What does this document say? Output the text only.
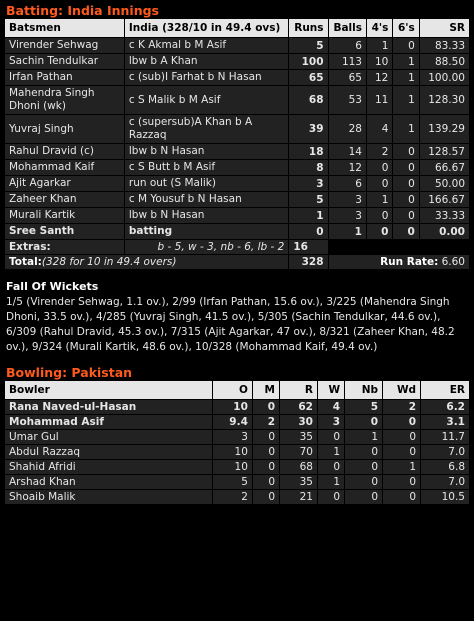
Batting: India Innings
Batsmen	India (328/10 in 49.4 ovs)	Runs	Balls	4's	6's	SR
Virender Sehwag	c K Akmal b M Asif	5	6	1	0	83.33
Sachin Tendulkar	lbw b A Khan	100	113	10	1	88.50
Irfan Pathan	c (sub)I Farhat b N Hasan	65	65	12	1	100.00
Mahendra Singh Dhoni (wk)	c S Malik b M Asif	68	53	11	1	128.30
Yuvraj Singh	c (supersub)A Khan b A Razzaq	39	28	4	1	139.29
Rahul Dravid (c)	lbw b N Hasan	18	14	2	0	128.57
Mohammad Kaif	c S Butt b M Asif	8	12	0	0	66.67
Ajit Agarkar	run out (S Malik)	3	6	0	0	50.00
Zaheer Khan	c M Yousuf b N Hasan	5	3	1	0	166.67
Murali Kartik	lbw b N Hasan	1	3	0	0	33.33
Sree Santh	batting	0	1	0	0	0.00
Extras:	b - 5, w - 3, nb - 6, lb - 2	16				
Total:(328 for 10 in 49.4 overs)		328	Run Rate: 6.60			
Fall Of Wickets
1/5 (Virender Sehwag, 1.1 ov.), 2/99 (Irfan Pathan, 15.6 ov.), 3/225 (Mahendra Singh Dhoni, 33.5 ov.), 4/285 (Yuvraj Singh, 41.5 ov.), 5/305 (Sachin Tendulkar, 44.6 ov.), 6/309 (Rahul Dravid, 45.3 ov.), 7/315 (Ajit Agarkar, 47 ov.), 8/321 (Zaheer Khan, 48.2 ov.), 9/324 (Murali Kartik, 48.6 ov.), 10/328 (Mohammad Kaif, 49.4 ov.)
Bowling: Pakistan
Bowler	O	M	R	W	Nb	Wd	ER
Rana Naved-ul-Hasan	10	0	62	4	5	2	6.2
Mohammad Asif	9.4	2	30	3	0	0	3.1
Umar Gul	3	0	35	0	1	0	11.7
Abdul Razzaq	10	0	70	1	0	0	7.0
Shahid Afridi	10	0	68	0	0	1	6.8
Arshad Khan	5	0	35	1	0	0	7.0
Shoaib Malik	2	0	21	0	0	0	10.5
